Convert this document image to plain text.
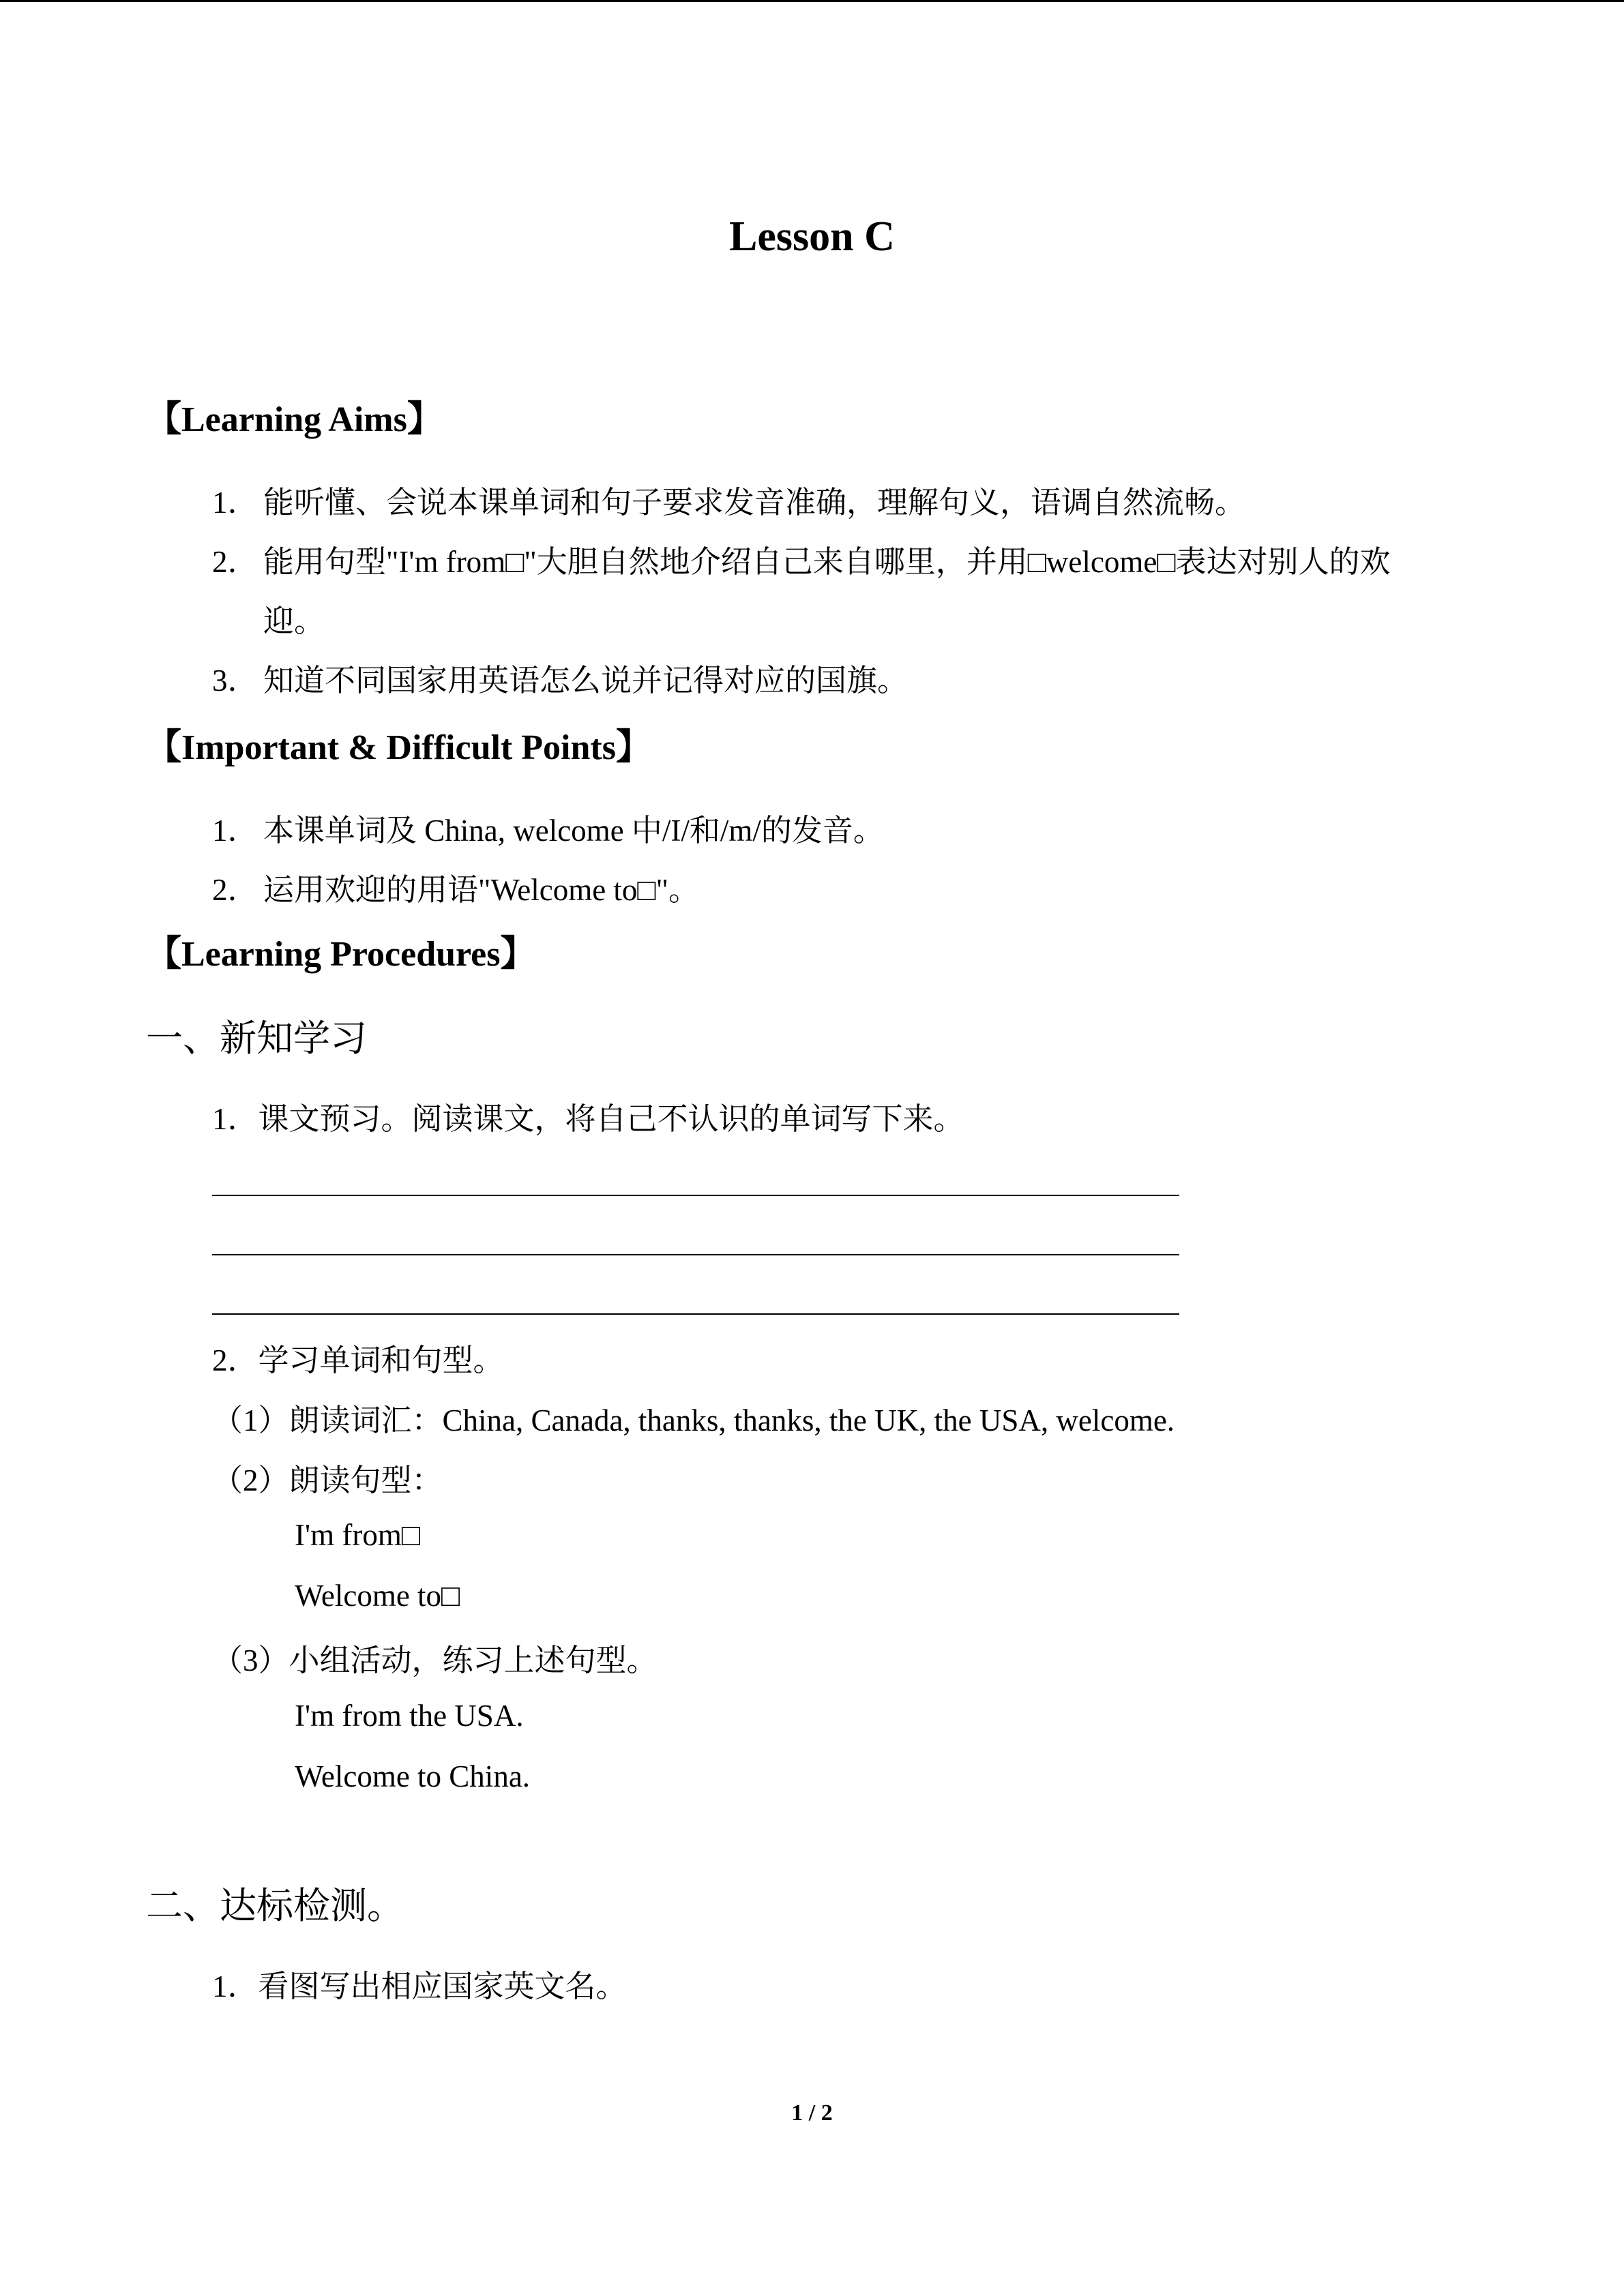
Lesson C
【Learning Aims】
1． 能听懂、会说本课单词和句子要求发音准确，理解句义，语调自然流畅。
2． 能用句型"I'm from□"大胆自然地介绍自己来自哪里，并用□welcome□表达对别人的欢
迎。
3． 知道不同国家用英语怎么说并记得对应的国旗。
【Important & Difficult Points】
1． 本课单词及 China, welcome 中/I/和/m/的发音。
2． 运用欢迎的用语"Welcome to□"。
【Learning Procedures】
一、新知学习
1．课文预习。阅读课文，将自己不认识的单词写下来。
2．学习单词和句型。
（1）朗读词汇：China, Canada, thanks, thanks, the UK, the USA, welcome.
（2）朗读句型：
I'm from□
Welcome to□
（3）小组活动，练习上述句型。
I'm from the USA.
Welcome to China.
二、达标检测。
1．看图写出相应国家英文名。
1 / 2
